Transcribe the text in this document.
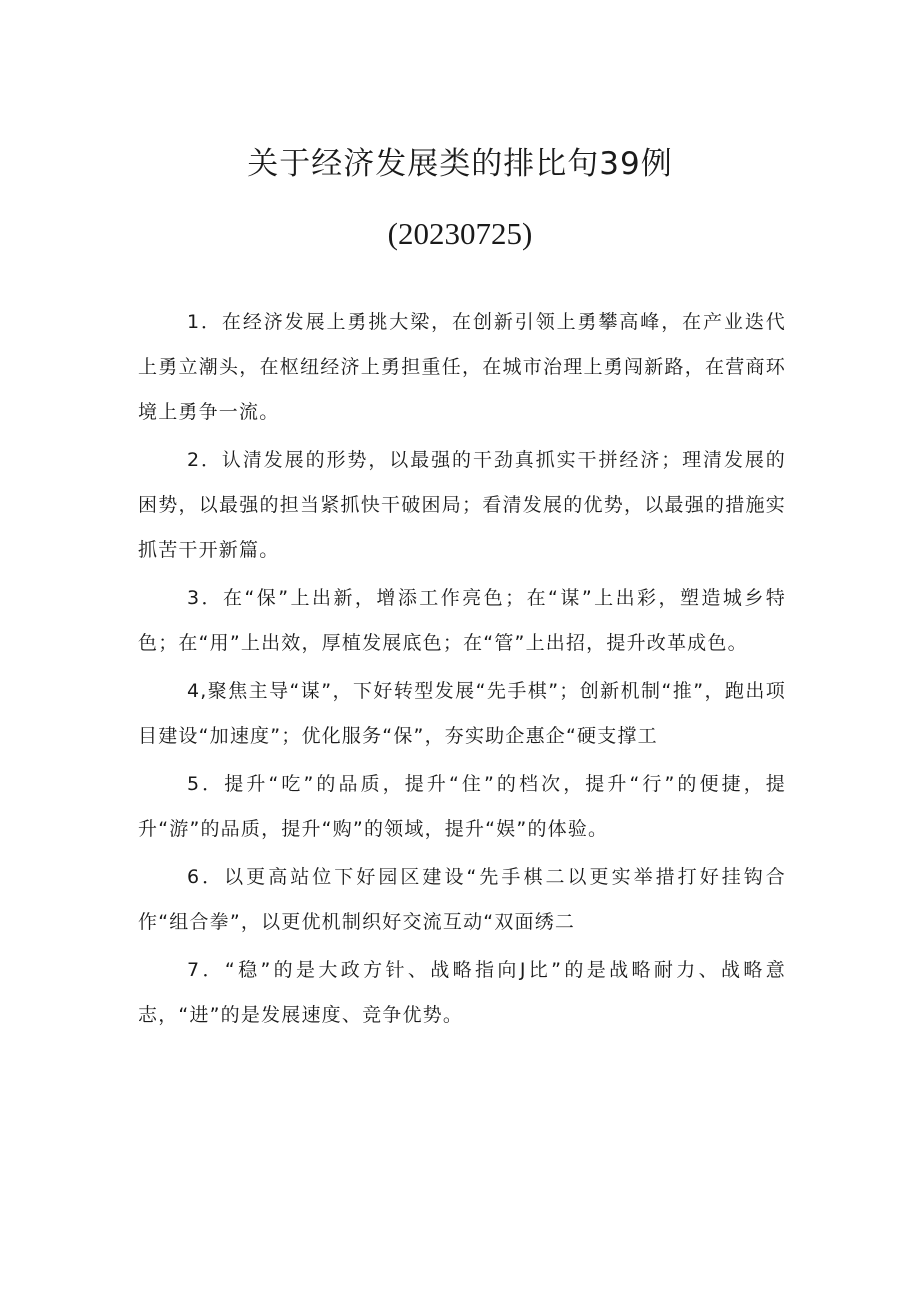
关于经济发展类的排比句39例
(20230725)

1．在经济发展上勇挑大梁，在创新引领上勇攀高峰，在产业迭代上勇立潮头，在枢纽经济上勇担重任，在城市治理上勇闯新路，在营商环境上勇争一流。

2．认清发展的形势，以最强的干劲真抓实干拼经济；理清发展的困势，以最强的担当紧抓快干破困局；看清发展的优势，以最强的措施实抓苦干开新篇。

3．在“保”上出新，增添工作亮色；在“谋”上出彩，塑造城乡特色；在“用”上出效，厚植发展底色；在“管”上出招，提升改革成色。

4,聚焦主导“谋”，下好转型发展“先手棋”；创新机制“推”，跑出项目建设“加速度”；优化服务“保”，夯实助企惠企“硬支撑工

5．提升“吃”的品质，提升“住”的档次，提升“行”的便捷，提升“游”的品质，提升“购”的领域，提升“娱”的体验。

6．以更高站位下好园区建设“先手棋二以更实举措打好挂钩合作“组合拳”，以更优机制织好交流互动“双面绣二

7．“稳”的是大政方针、战略指向J比”的是战略耐力、战略意志，“进”的是发展速度、竞争优势。
